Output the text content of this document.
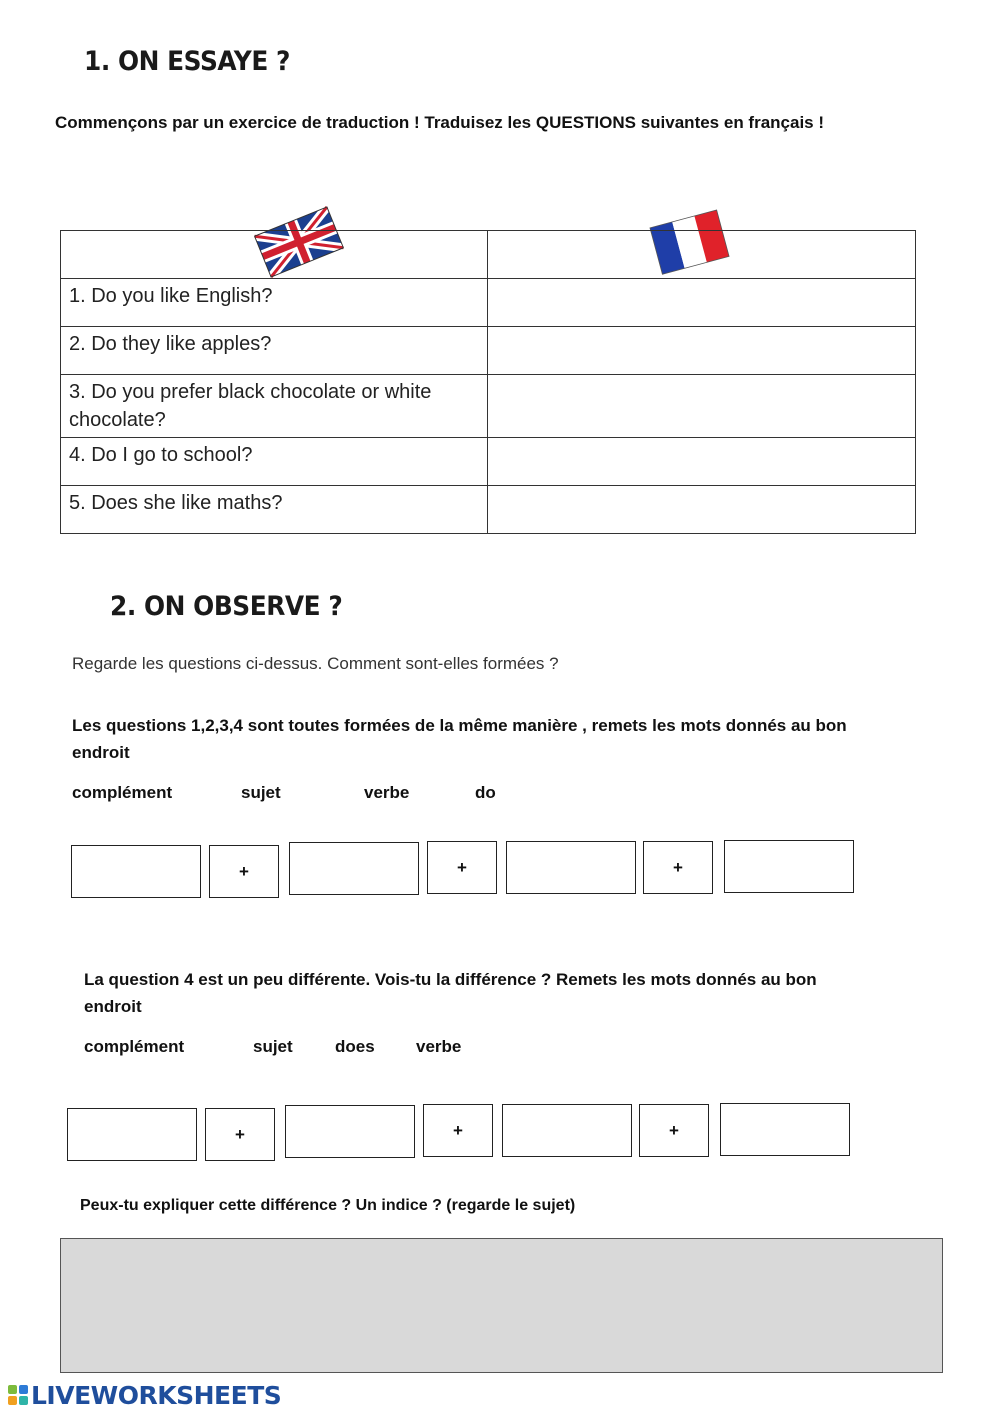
1. ON ESSAYE ?
Commençons par un exercice de traduction ! Traduisez les QUESTIONS suivantes en français !

1. Do you like English?	
2. Do they like apples?	
3. Do you prefer black chocolate or white chocolate?	
4. Do I go to school?	
5. Does she like maths?	
2. ON OBSERVE ?
Regarde les questions ci-dessus. Comment sont-elles formées ?
Les questions 1,2,3,4 sont toutes formées de la même manière , remets les mots donnés au bon endroit
complément	sujet	verbe	do
+	+	+
La question 4 est un peu différente. Vois-tu la différence ? Remets les mots donnés au bon endroit
complément	sujet does verbe
+	+	+
Peux-tu expliquer cette différence ? Un indice ? (regarde le sujet)
LIVEWORKSHEETS
